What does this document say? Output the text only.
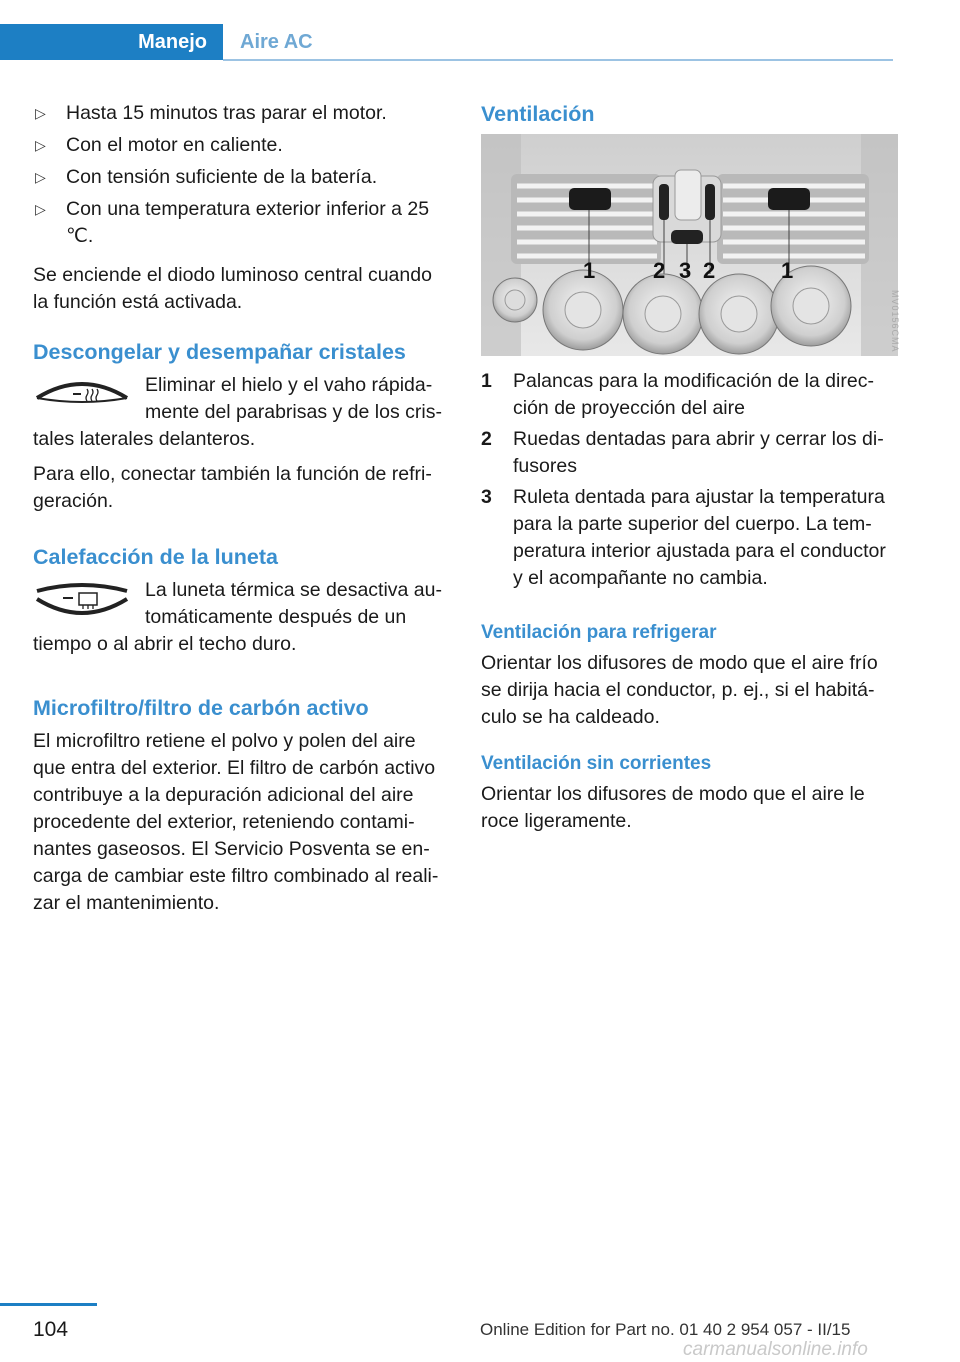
Manejo Aire AC
▷ Hasta 15 minutos tras parar el motor.
▷ Con el motor en caliente.
▷ Con tensión suficiente de la batería.
▷ Con una temperatura exterior inferior a 25 ℃.

Se enciende el diodo luminoso central cuando la función está activada.

Descongelar y desempañar cristales

Eliminar el hielo y el vaho rápidamente del parabrisas y de los cristales laterales delanteros.

Para ello, conectar también la función de refrigeración.

Calefacción de la luneta

La luneta térmica se desactiva automáticamente después de un tiempo o al abrir el techo duro.

Microfiltro/filtro de carbón activo

El microfiltro retiene el polvo y polen del aire que entra del exterior. El filtro de carbón activo contribuye a la depuración adicional del aire procedente del exterior, reteniendo contaminantes gaseosos. El Servicio Posventa se encarga de cambiar este filtro combinado al realizar el mantenimiento.

Ventilación
1	2 3 2	1
1 Palancas para la modificación de la dirección de proyección del aire
2 Ruedas dentadas para abrir y cerrar los difusores
3 Ruleta dentada para ajustar la temperatura para la parte superior del cuerpo. La temperatura interior ajustada para el conductor y el acompañante no cambia.
Ventilación para refrigerar

Orientar los difusores de modo que el aire frío se dirija hacia el conductor, p. ej., si el habitáculo se ha caldeado.

Ventilación sin corrientes

Orientar los difusores de modo que el aire le roce ligeramente.

MV0156CMA
104	Online Edition for Part no. 01 40 2 954 057 - II/15
carmanualsonline.info
